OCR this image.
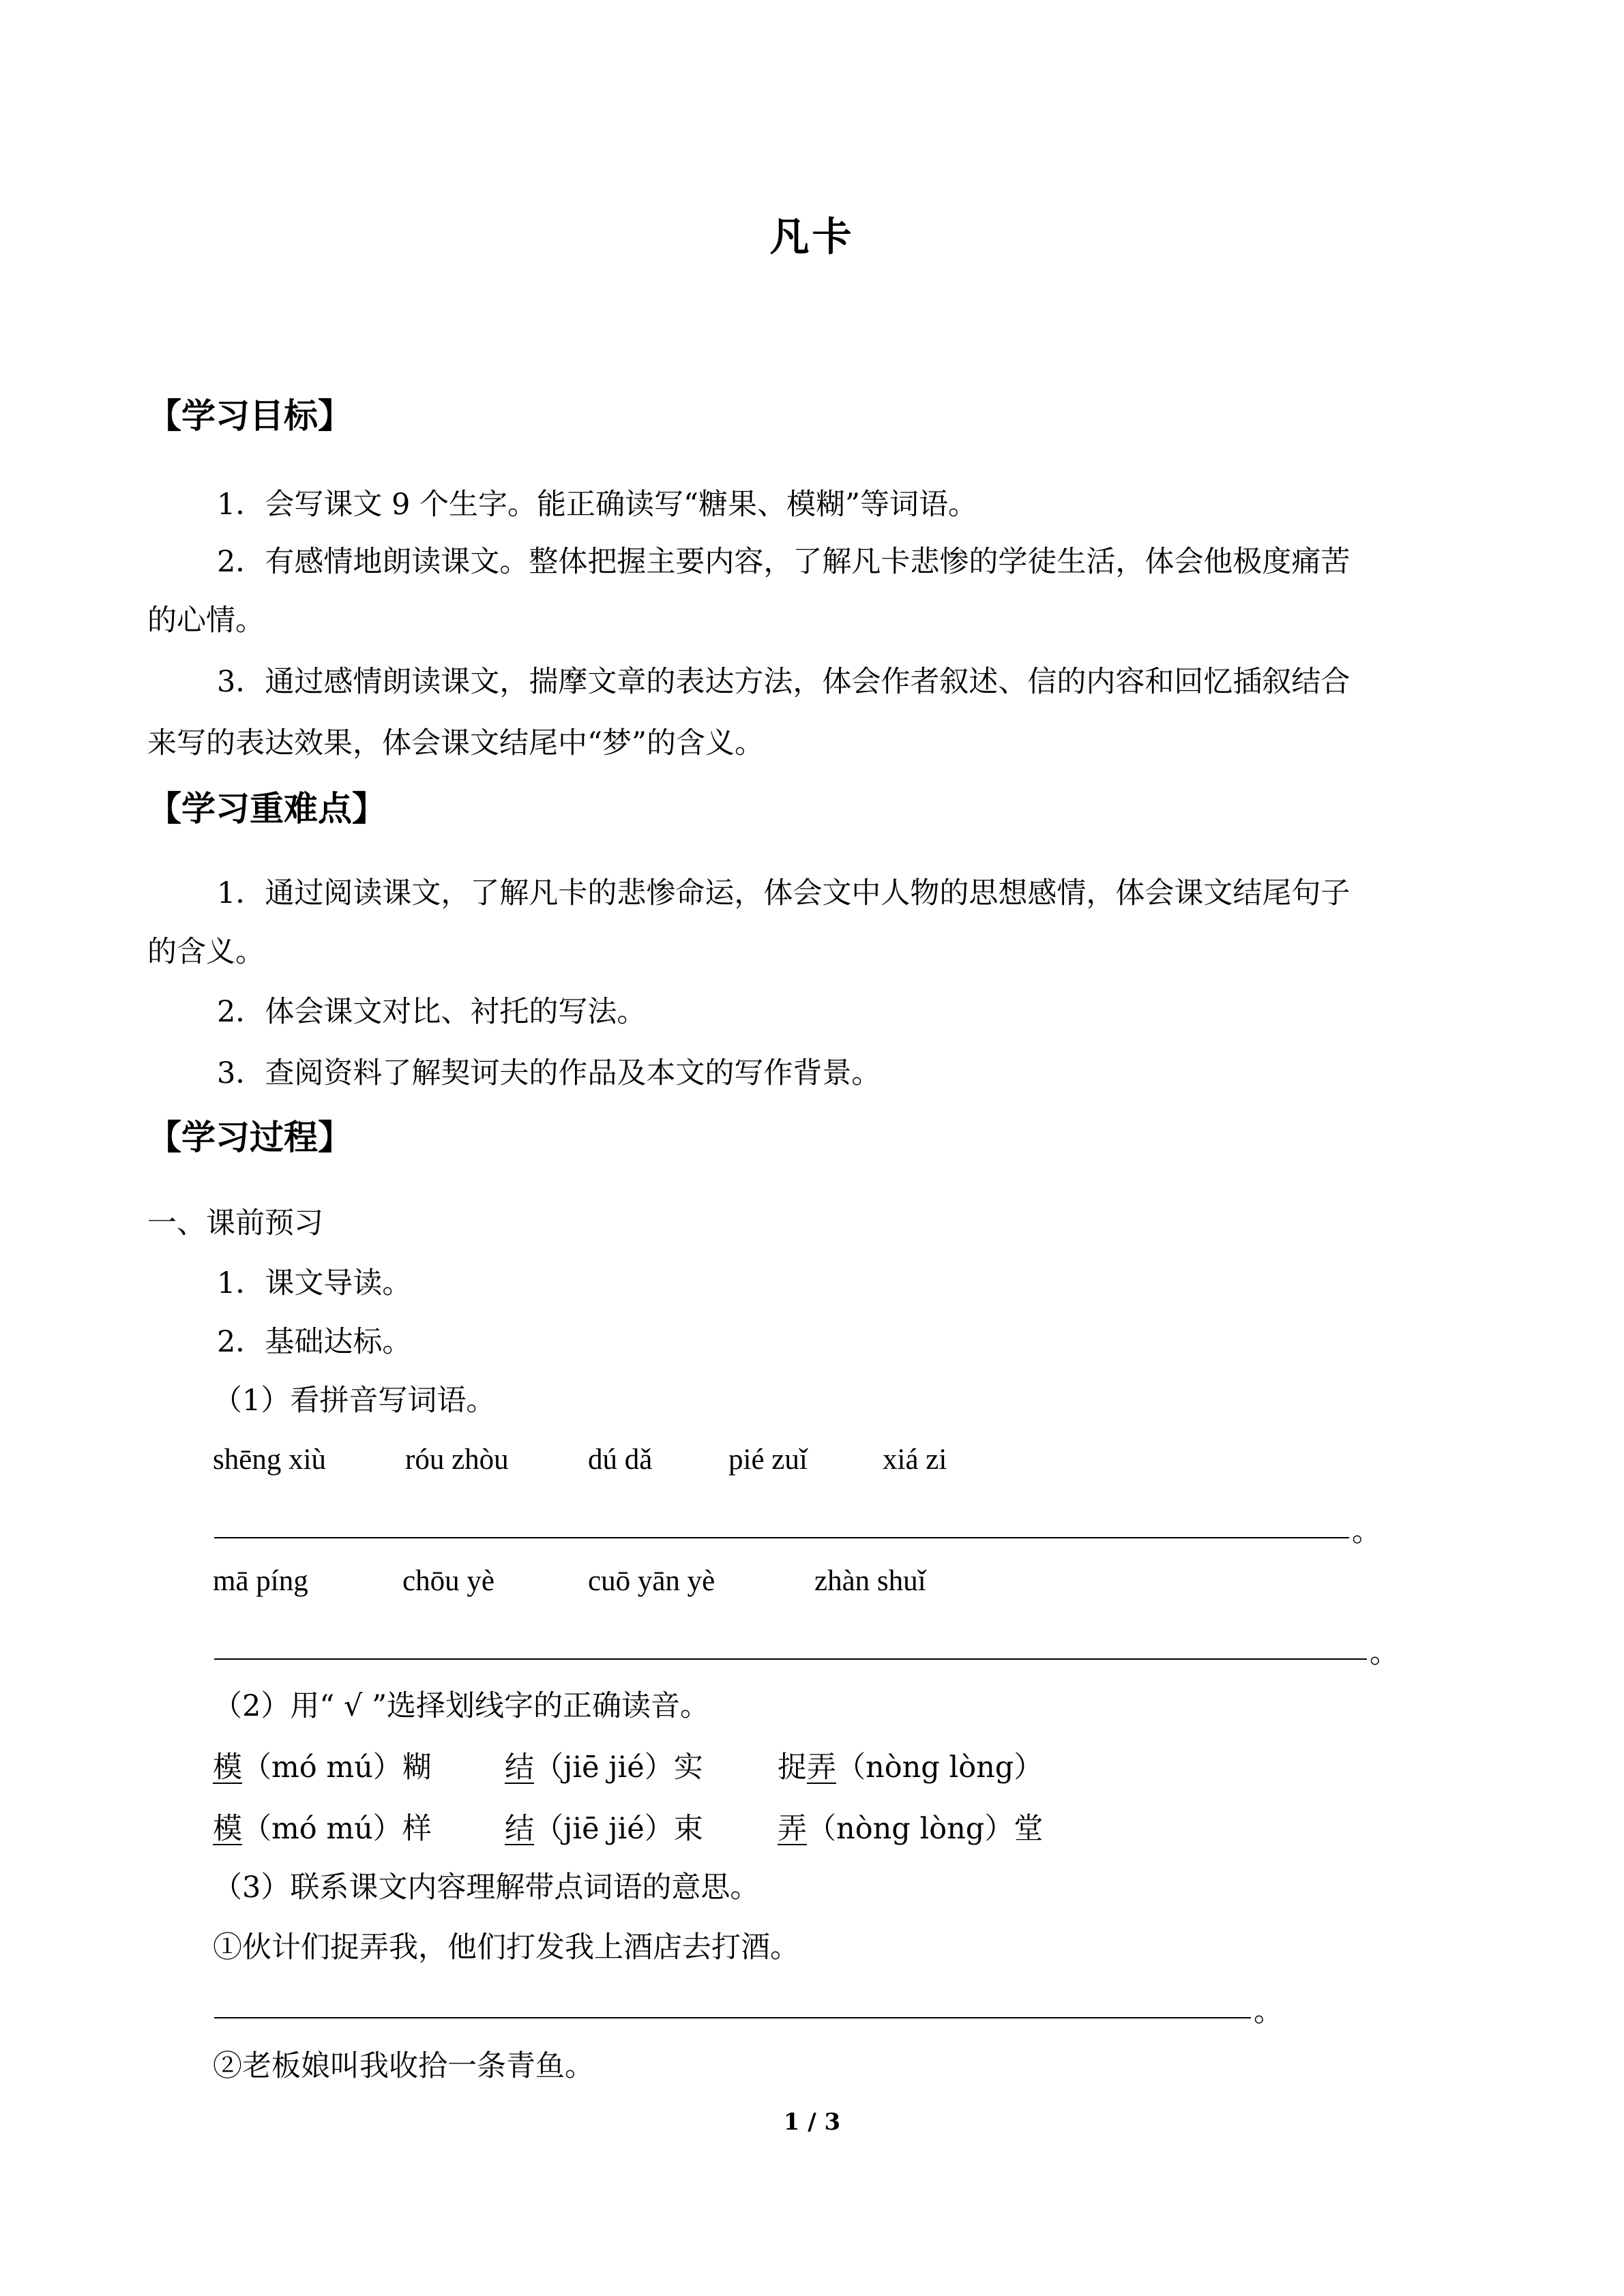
凡卡
【学习目标】
1．会写课文 9 个生字。能正确读写“糖果、模糊”等词语。
2．有感情地朗读课文。整体把握主要内容，了解凡卡悲惨的学徒生活，体会他极度痛苦
的心情。
3．通过感情朗读课文，揣摩文章的表达方法，体会作者叙述、信的内容和回忆插叙结合
来写的表达效果，体会课文结尾中“梦”的含义。
【学习重难点】
1．通过阅读课文，了解凡卡的悲惨命运，体会文中人物的思想感情，体会课文结尾句子
的含义。
2．体会课文对比、衬托的写法。
3．查阅资料了解契诃夫的作品及本文的写作背景。
【学习过程】
一、课前预习
1．课文导读。
2．基础达标。
（1）看拼音写词语。
shēng xiù	róu zhòu	dú dǎ	pié zuǐ	xiá zi
。
mā píng	chōu yè	cuō yān yè	zhàn shuǐ
。
（2）用“ √ ”选择划线字的正确读音。
模（mó mú）糊 结（jiē jié）实	捉弄（nòng lòng）
模（mó mú）样 结（jiē jié）束	弄（nòng lòng）堂
（3）联系课文内容理解带点词语的意思。
①伙计们捉弄我，他们打发我上酒店去打酒。
。
②老板娘叫我收拾一条青鱼。
1 / 3
